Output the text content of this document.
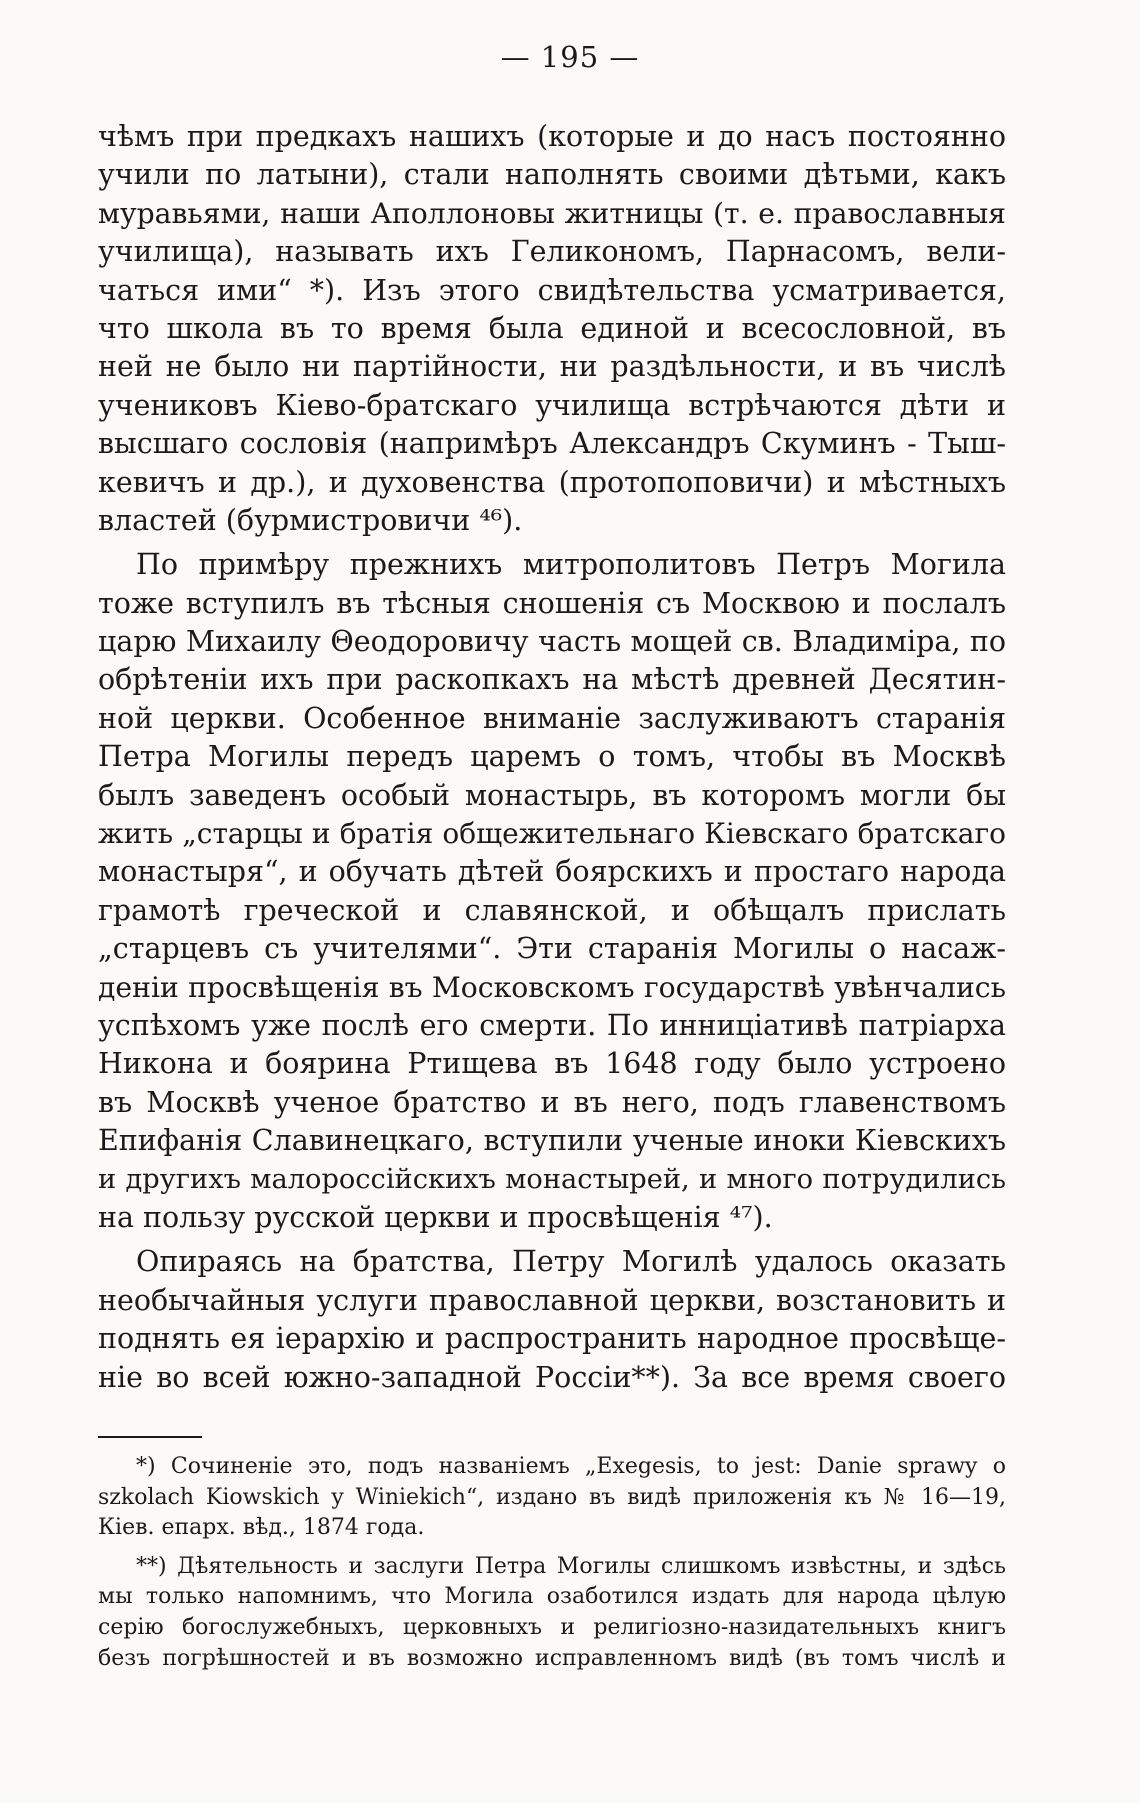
— 195 —
чѣмъ при предкахъ нашихъ (которые и до насъ постоянно
учили по латыни), стали наполнять своими дѣтьми, какъ
муравьями, наши Аполлоновы житницы (т. е. православныя
училища), называть ихъ Геликономъ, Парнасомъ, вели-
чаться ими“ *). Изъ этого свидѣтельства усматривается,
что школа въ то время была единой и всесословной, въ
ней не было ни партійности, ни раздѣльности, и въ числѣ
учениковъ Кіево-братскаго училища встрѣчаются дѣти и
высшаго сословія (напримѣръ Александръ Скуминъ - Тыш-
кевичъ и др.), и духовенства (протопоповичи) и мѣстныхъ
властей (бурмистровичи ⁴⁶).
По примѣру прежнихъ митрополитовъ Петръ Могила
тоже вступилъ въ тѣсныя сношенія съ Москвою и послалъ
царю Михаилу Θеодоровичу часть мощей св. Владиміра, по
обрѣтеніи ихъ при раскопкахъ на мѣстѣ древней Десятин-
ной церкви. Особенное вниманіе заслуживаютъ старанія
Петра Могилы передъ царемъ о томъ, чтобы въ Москвѣ
былъ заведенъ особый монастырь, въ которомъ могли бы
жить „старцы и братія общежительнаго Кіевскаго братскаго
монастыря“, и обучать дѣтей боярскихъ и простаго народа
грамотѣ греческой и славянской, и обѣщалъ прислать
„старцевъ съ учителями“. Эти старанія Могилы о насаж-
деніи просвѣщенія въ Московскомъ государствѣ увѣнчались
успѣхомъ уже послѣ его смерти. По инниціативѣ патріарха
Никона и боярина Ртищева въ 1648 году было устроено
въ Москвѣ ученое братство и въ него, подъ главенствомъ
Епифанія Славинецкаго, вступили ученые иноки Кіевскихъ
и другихъ малороссійскихъ монастырей, и много потрудились
на пользу русской церкви и просвѣщенія ⁴⁷).
Опираясь на братства, Петру Могилѣ удалось оказать
необычайныя услуги православной церкви, возстановить и
поднять ея іерархію и распространить народное просвѣще-
ніе во всей южно-западной Россіи**). За все время своего
*) Сочиненіе это, подъ названіемъ „Exegesis, to jest: Danie sprawy o
szkolach Kiowskich y Winiekich“, издано въ видѣ приложенія къ № 16—19,
Кіев. епарх. вѣд., 1874 года.
**) Дѣятельность и заслуги Петра Могилы слишкомъ извѣстны, и здѣсь
мы только напомнимъ, что Могила озаботился издать для народа цѣлую
серію богослужебныхъ, церковныхъ и религіозно-назидательныхъ книгъ
безъ погрѣшностей и въ возможно исправленномъ видѣ (въ томъ числѣ и
